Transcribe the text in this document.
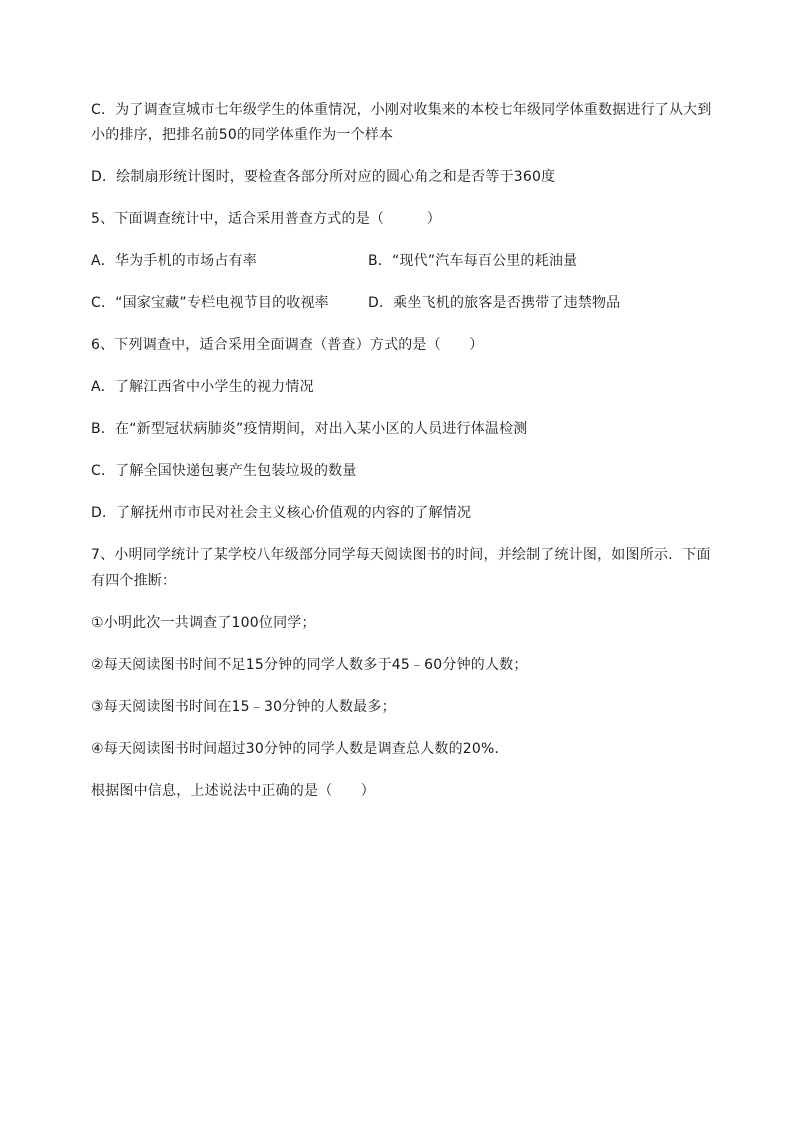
C．为了调查宣城市七年级学生的体重情况，小刚对收集来的本校七年级同学体重数据进行了从大到
小的排序，把排名前50的同学体重作为一个样本
D．绘制扇形统计图时，要检查各部分所对应的圆心角之和是否等于360度
5、下面调查统计中，适合采用普查方式的是（　　　）
A．华为手机的市场占有率	B．“现代”汽车每百公里的耗油量
C．“国家宝藏”专栏电视节目的收视率	D．乘坐飞机的旅客是否携带了违禁物品
6、下列调查中，适合采用全面调查（普查）方式的是（　　）
A．了解江西省中小学生的视力情况
B．在“新型冠状病肺炎”疫情期间，对出入某小区的人员进行体温检测
C．了解全国快递包裹产生包装垃圾的数量
D．了解抚州市市民对社会主义核心价值观的内容的了解情况
7、小明同学统计了某学校八年级部分同学每天阅读图书的时间，并绘制了统计图，如图所示．下面
有四个推断：
①小明此次一共调查了100位同学；
②每天阅读图书时间不足15分钟的同学人数多于45﹣60分钟的人数；
③每天阅读图书时间在15﹣30分钟的人数最多；
④每天阅读图书时间超过30分钟的同学人数是调查总人数的20%．
根据图中信息，上述说法中正确的是（　　）
